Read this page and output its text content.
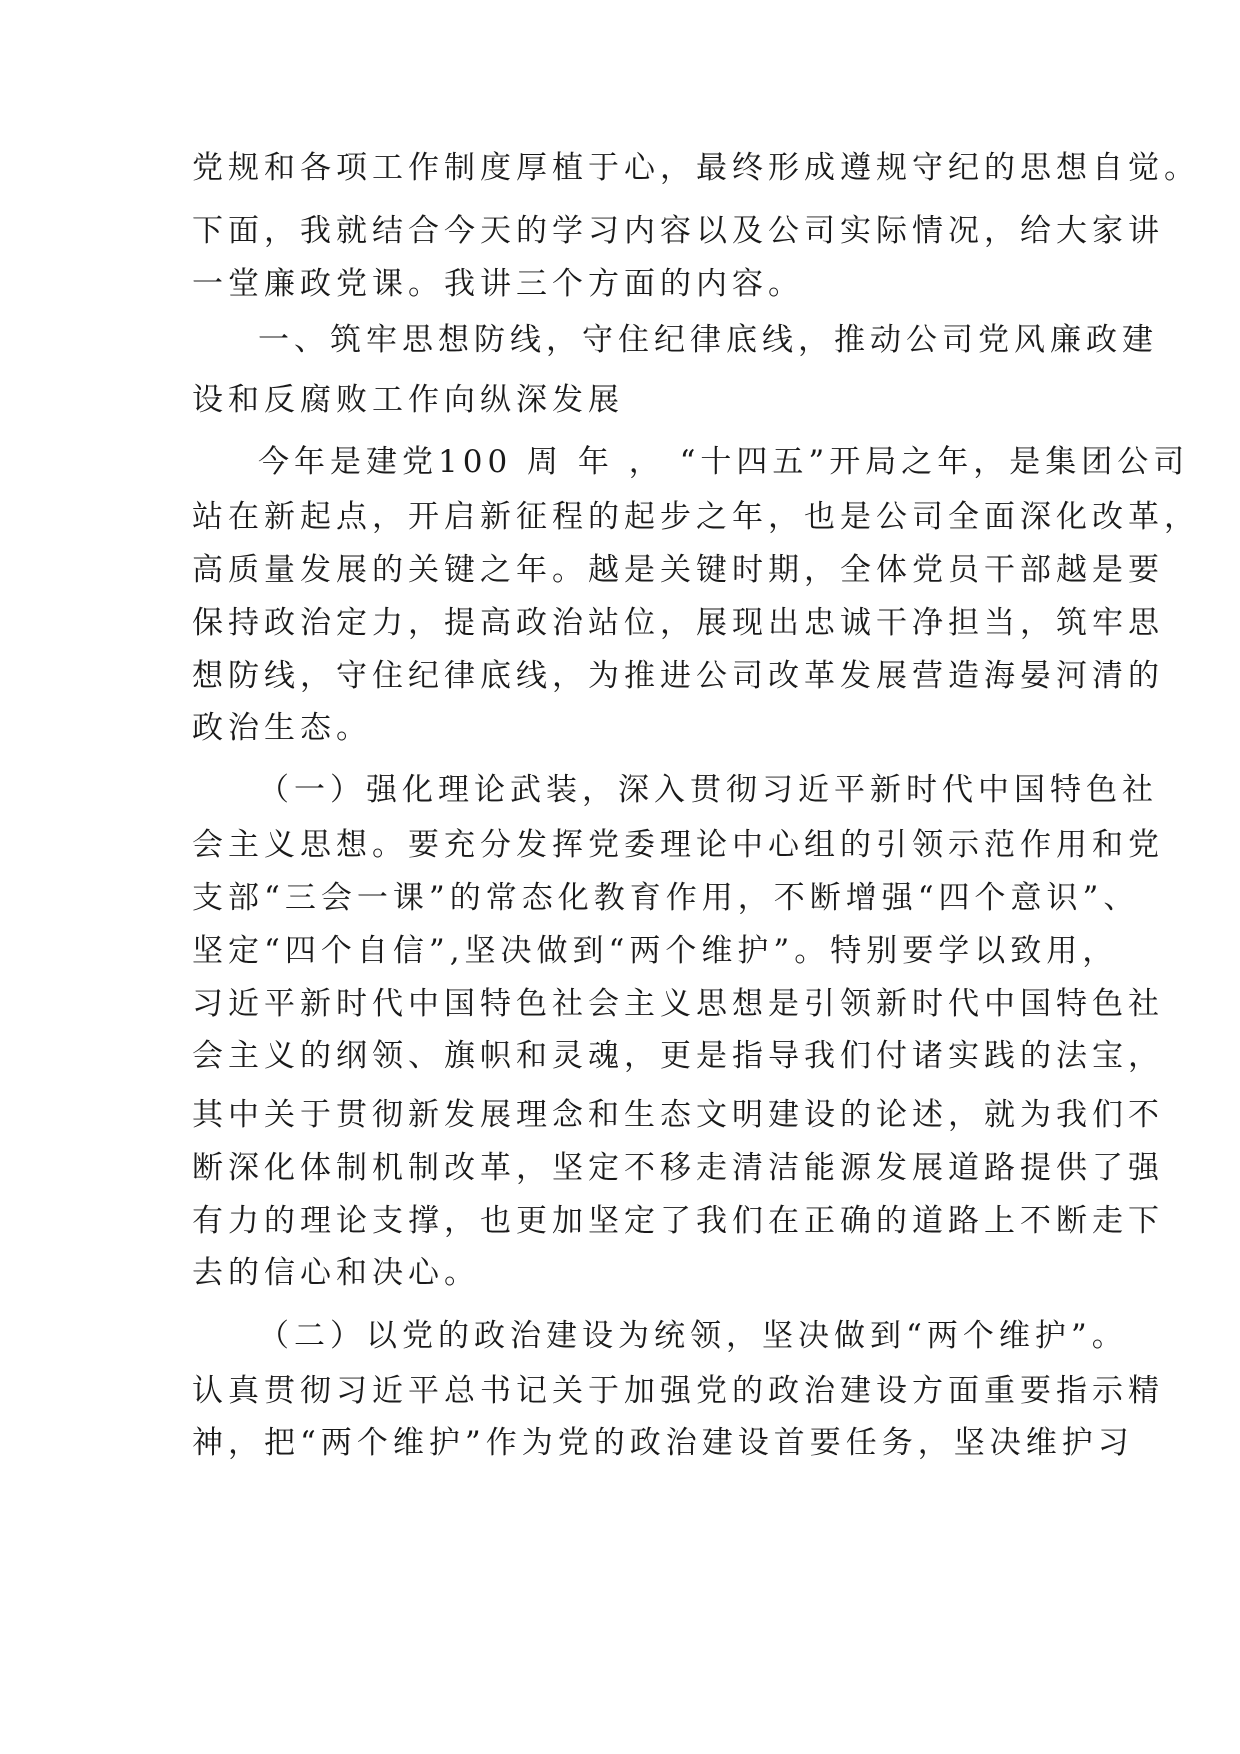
党规和各项工作制度厚植于心，最终形成遵规守纪的思想自觉。
下面，我就结合今天的学习内容以及公司实际情况，给大家讲
一堂廉政党课。我讲三个方面的内容。
一、筑牢思想防线，守住纪律底线，推动公司党风廉政建
设和反腐败工作向纵深发展
今年是建党100 周 年 ， “十四五”开局之年，是集团公司
站在新起点，开启新征程的起步之年，也是公司全面深化改革，
高质量发展的关键之年。越是关键时期，全体党员干部越是要
保持政治定力，提高政治站位，展现出忠诚干净担当，筑牢思
想防线，守住纪律底线，为推进公司改革发展营造海晏河清的
政治生态。
（一）强化理论武装，深入贯彻习近平新时代中国特色社
会主义思想。要充分发挥党委理论中心组的引领示范作用和党
支部“三会一课”的常态化教育作用，不断增强“四个意识”、
坚定“四个自信”,坚决做到“两个维护”。特别要学以致用，
习近平新时代中国特色社会主义思想是引领新时代中国特色社
会主义的纲领、旗帜和灵魂，更是指导我们付诸实践的法宝，
其中关于贯彻新发展理念和生态文明建设的论述，就为我们不
断深化体制机制改革，坚定不移走清洁能源发展道路提供了强
有力的理论支撑，也更加坚定了我们在正确的道路上不断走下
去的信心和决心。
（二）以党的政治建设为统领，坚决做到“两个维护”。
认真贯彻习近平总书记关于加强党的政治建设方面重要指示精
神，把“两个维护”作为党的政治建设首要任务，坚决维护习
